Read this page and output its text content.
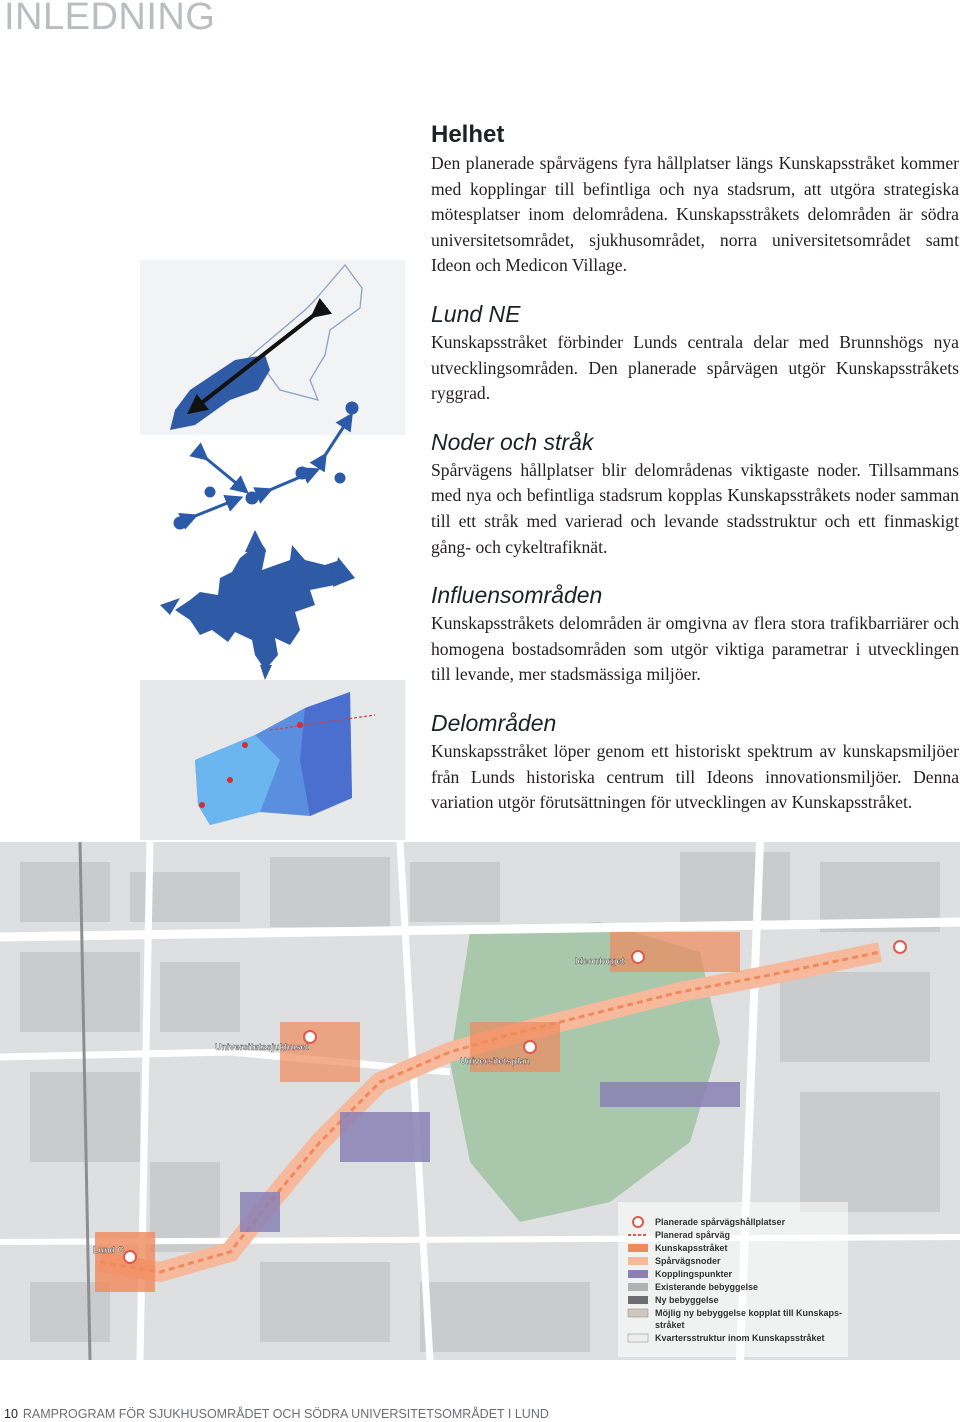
INLEDNING
Helhet

Den planerade spårvägens fyra hållplatser längs Kunskapsstråket kommer med kopplingar till befintliga och nya stadsrum, att utgöra strategiska mötesplatser inom delområdena. Kunskapsstråkets delområden är södra universitetsområdet, sjukhusområdet, norra universitetsområdet samt Ideon och Medicon Village.

Lund NE

Kunskapsstråket förbinder Lunds centrala delar med Brunnshögs nya utvecklingsområden. Den planerade spårvägen utgör Kunskapsstråkets ryggrad.

Noder och stråk

Spårvägens hållplatser blir delområdenas viktigaste noder. Tillsammans med nya och befintliga stadsrum kopplas Kunskapsstråkets noder samman till ett stråk med varierad och levande stadsstruktur och ett finmaskigt gång- och cykeltrafiknät.

Influensområden

Kunskapsstråkets delområden är omgivna av flera stora trafikbarriärer och homogena bostadsområden som utgör viktiga parametrar i utvecklingen till levande, mer stadsmässiga miljöer.

Delområden

Kunskapsstråket löper genom ett historiskt spektrum av kunskapsmiljöer från Lunds historiska centrum till Ideons innovationsmiljöer. Denna variation utgör förutsättningen för utvecklingen av Kunskapsstråket.

Ideontorget
Universitetssjukhuset
Universitetsplan
Lund C
Planerade spårvägshållplatser
Planerad spårväg
Kunskapsstråket
Spårvägsnoder
Kopplingspunkter
Existerande bebyggelse
Ny bebyggelse
Möjlig ny bebyggelse kopplat till Kunskaps-
stråket
Kvartersstruktur inom Kunskapsstråket
10 RAMPROGRAM FÖR SJUKHUSOMRÅDET OCH SÖDRA UNIVERSITETSOMRÅDET I LUND
